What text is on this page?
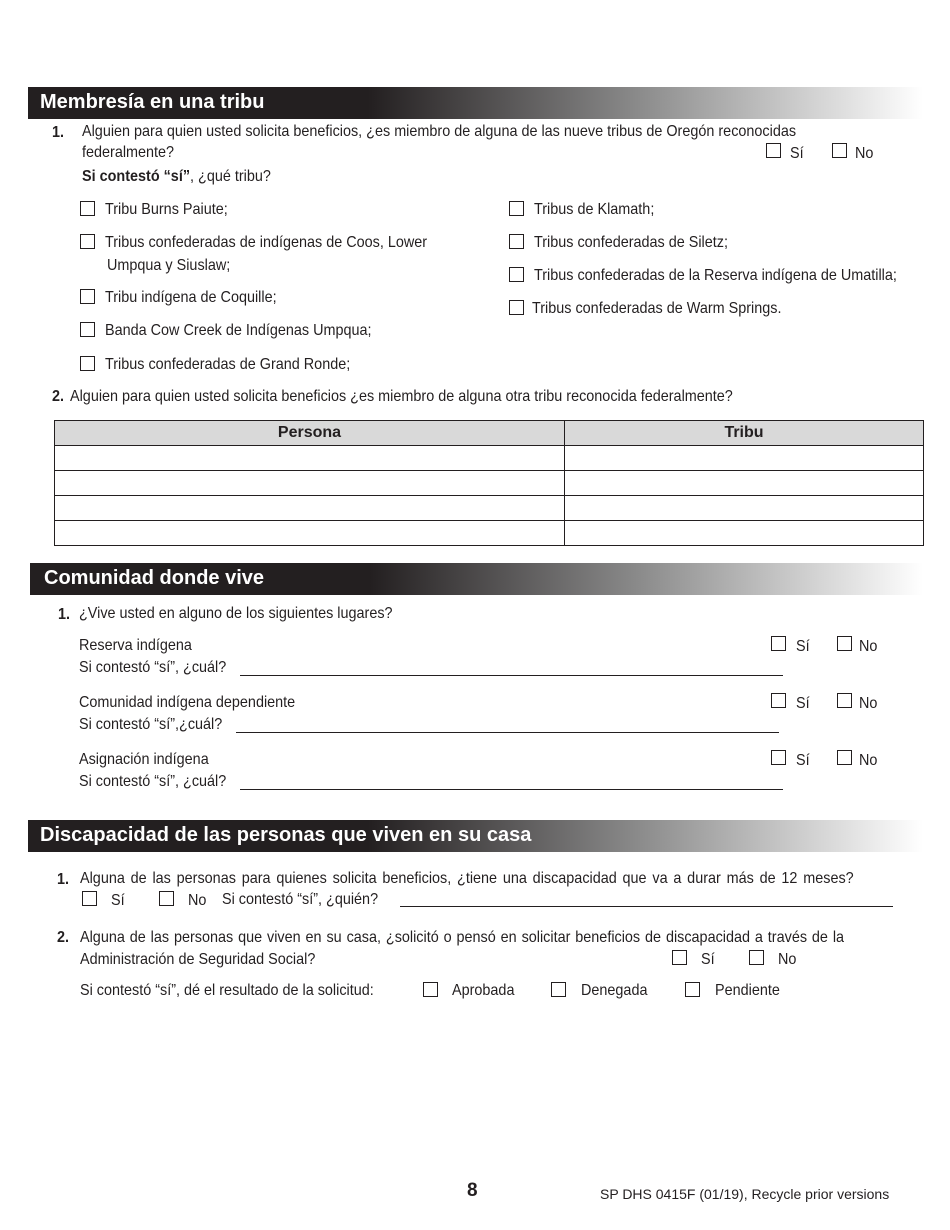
Membresía en una tribu
1. Alguien para quien usted solicita beneficios, ¿es miembro de alguna de las nueve tribus de Oregón reconocidas
federalmente?	Sí	No
Si contestó “sí”, ¿qué tribu?
Tribu Burns Paiute;
Tribus confederadas de indígenas de Coos, Lower
Umpqua y Siuslaw;
Tribu indígena de Coquille;
Banda Cow Creek de Indígenas Umpqua;
Tribus confederadas de Grand Ronde;
Tribus de Klamath;
Tribus confederadas de Siletz;
Tribus confederadas de la Reserva indígena de Umatilla;
Tribus confederadas de Warm Springs.
2. Alguien para quien usted solicita beneficios ¿es miembro de alguna otra tribu reconocida federalmente?
Persona	Tribu

Comunidad donde vive
1. ¿Vive usted en alguno de los siguientes lugares?
Reserva indígena
Si contestó “sí”, ¿cuál?
Sí	No
Comunidad indígena dependiente
Si contestó “sí”,¿cuál?
Sí	No
Asignación indígena
Si contestó “sí”, ¿cuál?
Sí	No
Discapacidad de las personas que viven en su casa
1. Alguna de las personas para quienes solicita beneficios, ¿tiene una discapacidad que va a durar más de 12 meses?
Sí	No Si contestó “sí”, ¿quién?
2. Alguna de las personas que viven en su casa, ¿solicitó o pensó en solicitar beneficios de discapacidad a través de la
Administración de Seguridad Social?	Sí	No
Si contestó “sí”, dé el resultado de la solicitud:	Aprobada	Denegada	Pendiente
8	SP DHS 0415F (01/19), Recycle prior versions
